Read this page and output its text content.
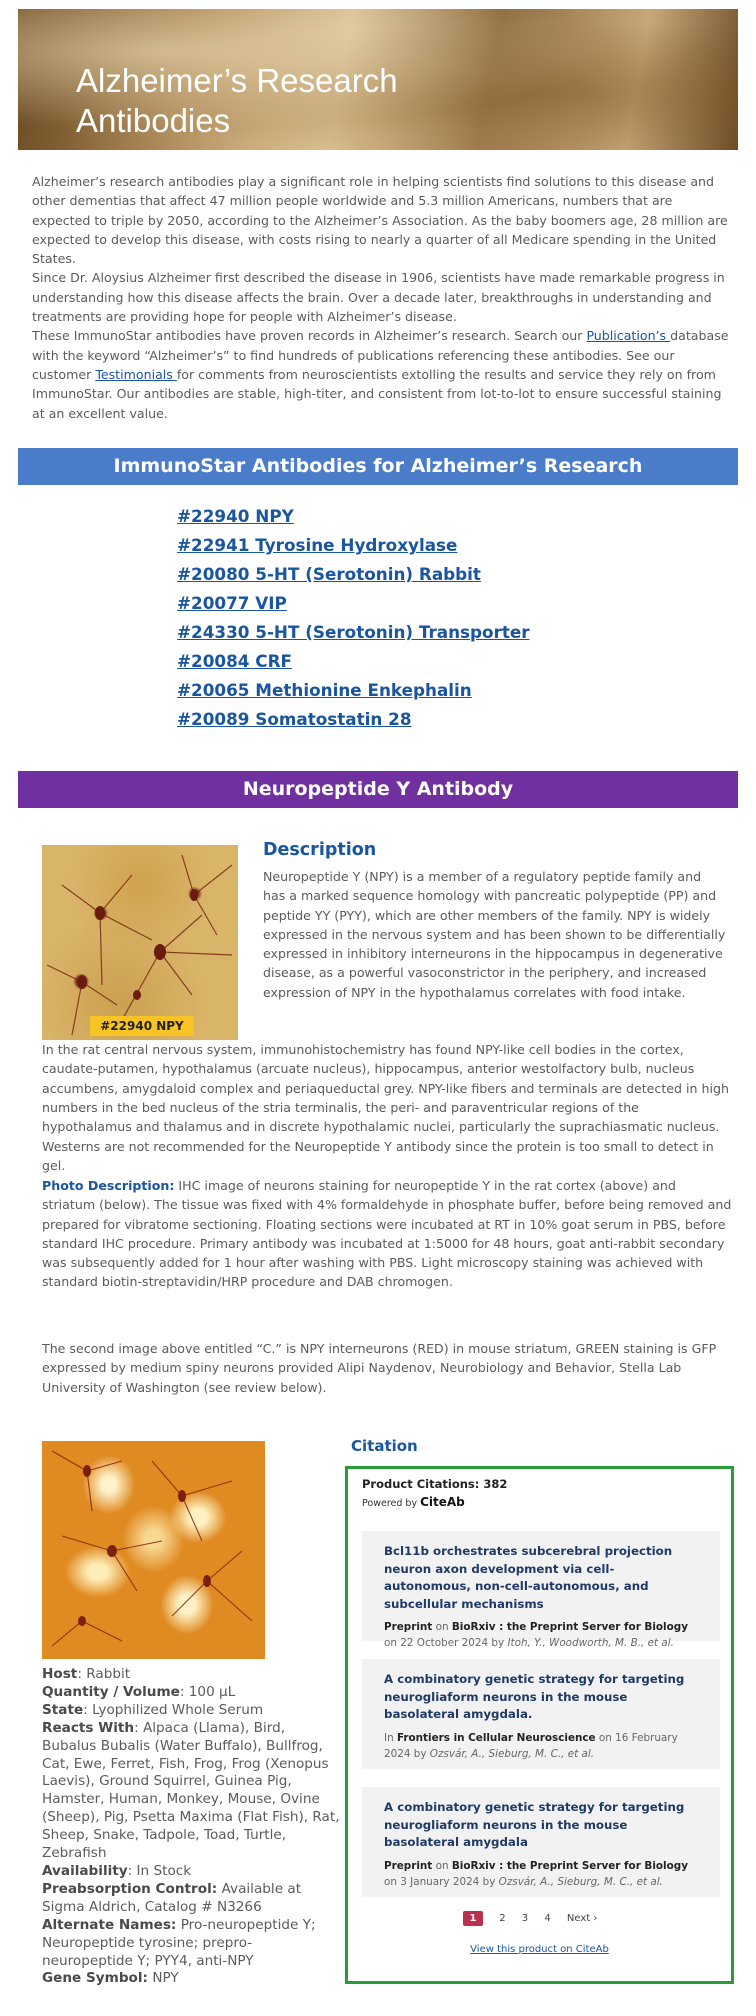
Alzheimer’s Research Antibodies

Alzheimer’s research antibodies play a significant role in helping scientists find solutions to this disease and other dementias that affect 47 million people worldwide and 5.3 million Americans, numbers that are expected to triple by 2050, according to the Alzheimer’s Association. As the baby boomers age, 28 million are expected to develop this disease, with costs rising to nearly a quarter of all Medicare spending in the United States.

Since Dr. Aloysius Alzheimer first described the disease in 1906, scientists have made remarkable progress in understanding how this disease affects the brain. Over a decade later, breakthroughs in understanding and treatments are providing hope for people with Alzheimer’s disease.

These ImmunoStar antibodies have proven records in Alzheimer’s research. Search our Publication’s database with the keyword “Alzheimer’s” to find hundreds of publications referencing these antibodies. See our customer Testimonials for comments from neuroscientists extolling the results and service they rely on from ImmunoStar. Our antibodies are stable, high-titer, and consistent from lot-to-lot to ensure successful staining at an excellent value.

ImmunoStar Antibodies for Alzheimer’s Research
#22940 NPY
#22941 Tyrosine Hydroxylase
#20080 5-HT (Serotonin) Rabbit
#20077 VIP
#24330 5-HT (Serotonin) Transporter
#20084 CRF
#20065 Methionine Enkephalin
#20089 Somatostatin 28
Neuropeptide Y Antibody
#22940 NPY
Description

Neuropeptide Y (NPY) is a member of a regulatory peptide family and has a marked sequence homology with pancreatic polypeptide (PP) and peptide YY (PYY), which are other members of the family. NPY is widely expressed in the nervous system and has been shown to be differentially expressed in inhibitory interneurons in the hippocampus in degenerative disease, as a powerful vasoconstrictor in the periphery, and increased expression of NPY in the hypothalamus correlates with food intake.

In the rat central nervous system, immunohistochemistry has found NPY-like cell bodies in the cortex, caudate-putamen, hypothalamus (arcuate nucleus), hippocampus, anterior westolfactory bulb, nucleus accumbens, amygdaloid complex and periaqueductal grey. NPY-like fibers and terminals are detected in high numbers in the bed nucleus of the stria terminalis, the peri- and paraventricular regions of the hypothalamus and thalamus and in discrete hypothalamic nuclei, particularly the suprachiasmatic nucleus.

Westerns are not recommended for the Neuropeptide Y antibody since the protein is too small to detect in gel.

Photo Description: IHC image of neurons staining for neuropeptide Y in the rat cortex (above) and striatum (below). The tissue was fixed with 4% formaldehyde in phosphate buffer, before being removed and prepared for vibratome sectioning. Floating sections were incubated at RT in 10% goat serum in PBS, before standard IHC procedure. Primary antibody was incubated at 1:5000 for 48 hours, goat anti-rabbit secondary was subsequently added for 1 hour after washing with PBS. Light microscopy staining was achieved with standard biotin-streptavidin/HRP procedure and DAB chromogen.

The second image above entitled “C.” is NPY interneurons (RED) in mouse striatum, GREEN staining is GFP expressed by medium spiny neurons provided Alipi Naydenov, Neurobiology and Behavior, Stella Lab University of Washington (see review below).

Host: Rabbit
Quantity / Volume: 100 µL
State: Lyophilized Whole Serum
Reacts With: Alpaca (Llama), Bird, Bubalus Bubalis (Water Buffalo), Bullfrog, Cat, Ewe, Ferret, Fish, Frog, Frog (Xenopus Laevis), Ground Squirrel, Guinea Pig, Hamster, Human, Monkey, Mouse, Ovine (Sheep), Pig, Psetta Maxima (Flat Fish), Rat, Sheep, Snake, Tadpole, Toad, Turtle, Zebrafish
Availability: In Stock
Preabsorption Control: Available at Sigma Aldrich, Catalog # N3266
Alternate Names: Pro-neuropeptide Y; Neuropeptide tyrosine; prepro-neuropeptide Y; PYY4, anti-NPY
Gene Symbol: NPY
Citation
Product Citations: 382
Powered by CiteAb

Bcl11b orchestrates subcerebral projection neuron axon development via cell-autonomous, non-cell-autonomous, and subcellular mechanisms

Preprint on BioRxiv : the Preprint Server for Biology on 22 October 2024 by Itoh, Y., Woodworth, M. B., et al.

A combinatory genetic strategy for targeting neurogliaform neurons in the mouse basolateral amygdala.

In Frontiers in Cellular Neuroscience on 16 February 2024 by Ozsvár, A., Sieburg, M. C., et al.

A combinatory genetic strategy for targeting neurogliaform neurons in the mouse basolateral amygdala

Preprint on BioRxiv : the Preprint Server for Biology on 3 January 2024 by Ozsvár, A., Sieburg, M. C., et al.

1 2 3 4 Next ›
View this product on CiteAb
